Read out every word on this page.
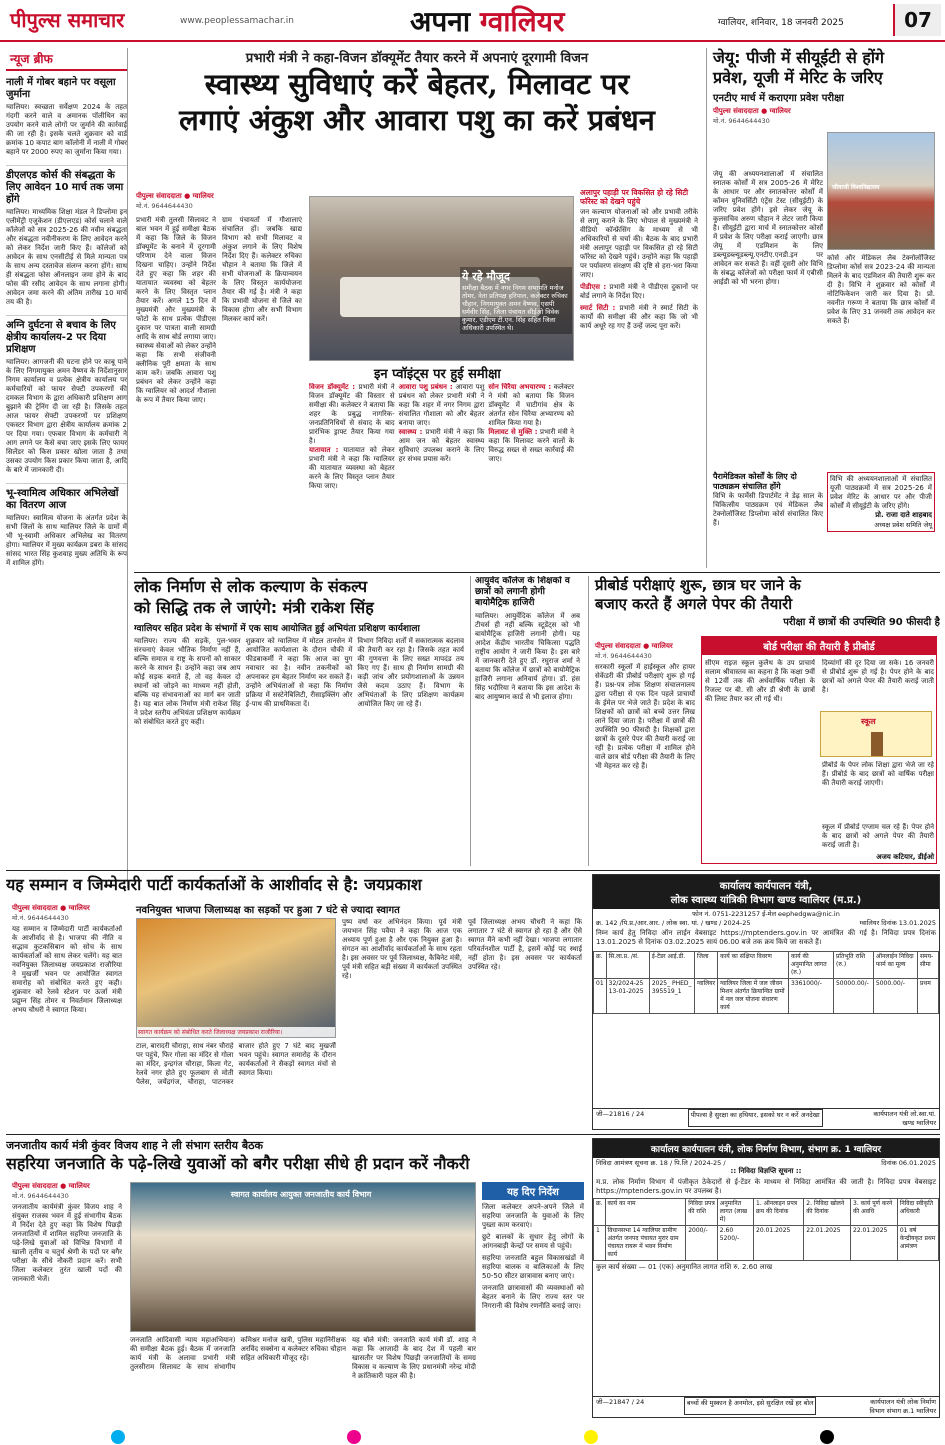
पीपुल्स समाचार	www.peoplessamachar.in	अपना ग्वालियर	ग्वालियर, शनिवार, 18 जनवरी 2025	07
न्यूज ब्रीफ
नाली में गोबर बहाने पर वसूला जुर्माना
ग्वालियर। स्वच्छता सर्वेक्षण 2024 के तहत गंदगी करने वाले व अमानक पॉलीथिन का उपयोग करने वाले लोगों पर जुर्माने की कार्रवाई की जा रही है। इसके चलते शुक्रवार को वार्ड क्रमांक 10 कपाट बाग कॉलोनी में नाली में गोबर बहाने पर 2000 रुपए का जुर्माना किया गया।
डीएलएड कोर्स की संबद्धता के लिए आवेदन 10 मार्च तक जमा होंगे
ग्वालियर। माध्यमिक शिक्षा मंडल ने डिप्लोमा इन एलीमेंट्री एजुकेशन (डीएलएड) कोर्स चलाने वाले कॉलेजों को सत्र 2025-26 की नवीन संबद्धता और संबद्धता नवीनीकरण के लिए आवेदन करने को लेकर निर्देश जारी किए हैं। कॉलेजों को आवेदन के साथ एनसीटीई से मिले मान्यता पत्र के साथ अन्य दस्तावेज संलग्न करना होंगे। साथ ही संबद्धता फोस ऑनलाइन जमा होने के बाद फोस की रसीद आवेदन के साथ लगाना होगी। आवेदन जमा करने की अंतिम तारीख 10 मार्च तय की है।
अग्नि दुर्घटना से बचाव के लिए क्षेत्रीय कार्यालय-2 पर दिया प्रशिक्षण
ग्वालियर। आगजनी की घटना होने पर काबू पाने के लिए निगमायुक्त अमन वैष्णव के निर्देशानुसार निगम कार्यालय व प्रत्येक क्षेत्रीय कार्यालय पर कर्मचारियों को फायर सेफ्टी उपकरणों की दमकल विभाग के द्वारा अधिकारी प्रशिक्षण आग बुझाने की ट्रेनिंग दी जा रही है। जिसके तहत आज फायर सेफ्टी उपकरणों पर प्रशिक्षण एकस्टर विभाग द्वारा क्षेत्रीय कार्यालय क्रमांक 2 पर दिया गया। एफबार विभाग के कर्मचारी ने आग लगने पर कैसे बचा जाए इसके लिए फायर सिलेंडर को किस प्रकार खोला जाता है तथा उसका उपयोग किस प्रकार किया जाता है, आदि के बारे में जानकारी दी।
भू-स्वामित्व अधिकार अभिलेखों का वितरण आज
ग्वालियर। स्वामित्व योजना के अंतर्गत प्रदेश के सभी जिलों के साथ ग्वालियर जिले के ग्रामों में भी भू-स्वामी अधिकार अभिलेख का वितरण होगा। ग्वालियर में मुख्य कार्यक्रम डबरा के सांसद सांसद भारत सिंह कुशवाह मुख्य अतिथि के रूप में शामिल होंगे।
प्रभारी मंत्री ने कहा-विजन डॉक्यूमेंट तैयार करने में अपनाएं दूरगामी विजन
स्वास्थ्य सुविधाएं करें बेहतर, मिलावट पर
लगाएं अंकुश और आवारा पशु का करें प्रबंधन
पीपुल्स संवाददाता ● ग्वालियर
मो.नं. 9644644430
प्रभारी मंत्री तुलसी सिलावट ने बाल भवन में हुई समीक्षा बैठक में कहा कि जिले के विजन डॉक्यूमेंट के बनाने में दूरगामी परिणाम देने वाला विजन दिखना चाहिए। उन्होंने निर्देश देते हुए कहा कि शहर की यातायात व्यवस्था को बेहतर करने के लिए विस्तृत प्लान तैयार करें। अगले 15 दिन में मुख्यमंत्री और मुख्यमंत्री के फोटो के साथ प्रत्येक पीडीएस दुकान पर पात्रता वाली सामग्री आदि के साथ बोर्ड लगाया जाए। स्वास्थ्य सेवाओं को लेकर उन्होंने कहा कि सभी संजीवनी क्लीनिक पूरी क्षमता के साथ काम करें। जबकि आवारा पशु प्रबंधन को लेकर उन्होंने कहा कि ग्वालियर को आदर्श गौशाला के रूप में तैयार किया जाए।
ग्राम पंचायतों में गौशालाएं संचालित हों। जबकि खाद्य विभाग को सभी मिलावट व अंकुश लगाने के लिए विशेष निर्देश दिए हैं। कलेक्टर रुचिका चौहान ने बताया कि जिले में सभी योजनाओं के क्रियान्वयन के लिए विस्तृत कार्ययोजना तैयार की गई है। मंत्री ने कहा कि प्रभावी योजना से जिले का विकास होगा और सभी विभाग मिलकर कार्य करें।
ये रहे मौजूद
समीक्षा बैठक में नगर निगम सभापति मनोज तोमर, नेता प्रतिपक्ष हरिपाल, कलेक्टर रुचिका चौहान, निगमायुक्त अमन वैष्णव, एसपी धर्मवीर सिंह, जिला पंचायत सीईओ विवेक कुमार, एडीएम टी.एन. सिंह सहित जिला अधिकारी उपस्थित थे।
इन प्वॉइंट्स पर हुई समीक्षा
विजन डॉक्यूमेंट : प्रभारी मंत्री ने विजन डॉक्यूमेंट की विस्तार से समीक्षा की। कलेक्टर ने बताया कि शहर के प्रबुद्ध नागरिक-जनप्रतिनिधियों से संवाद के बाद प्रारंभिक ड्राफ्ट तैयार किया गया है।
यातायात : यातायात को लेकर प्रभारी मंत्री ने कहा कि ग्वालियर की यातायात व्यवस्था को बेहतर करने के लिए विस्तृत प्लान तैयार किया जाए।
आवारा पशु प्रबंधन : आवारा पशु प्रबंधन को लेकर प्रभारी मंत्री ने कहा कि शहर में नगर निगम द्वारा संचालित गौशाला को और बेहतर बनाया जाए।
स्वास्थ्य : प्रभारी मंत्री ने कहा कि आम जन को बेहतर स्वास्थ्य सुविधाएं उपलब्ध कराने के लिए हर संभव प्रयास करें।
सोन चिरैया अभयारण्य : कलेक्टर ने मंत्री को बताया कि विजन डॉक्यूमेंट में घाटीगांव क्षेत्र के अंतर्गत सोन चिरैया अभ्यारण्य को शामिल किया गया है।
मिलावट से मुक्ति : प्रभारी मंत्री ने कहा कि मिलावट करने वालों के विरुद्ध सख्त से सख्त कार्रवाई की जाए।
अलापुर पहाड़ी पर विकसित हो रहे सिटी फॉरेस्ट को देखने पहुंचे
जन कल्याण योजनाओं को और प्रभावी तरीके से लागू कराने के लिए भोपाल से मुख्यमंत्री ने वीडियो कॉन्फ्रेंसिंग के माध्यम से भी अधिकारियों से चर्चा की। बैठक के बाद प्रभारी मंत्री अलापुर पहाड़ी पर विकसित हो रहे सिटी फॉरेस्ट को देखने पहुंचे। उन्होंने कहा कि पहाड़ी पर पर्यावरण संरक्षण की दृष्टि से हरा-भरा किया जाए।
पीडीएस : प्रभारी मंत्री ने पीडीएस दुकानों पर बोर्ड लगाने के निर्देश दिए।
स्मार्ट सिटी : प्रभारी मंत्री ने स्मार्ट सिटी के कार्यों की समीक्षा की और कहा कि जो भी कार्य अधूरे रह गए हैं उन्हें जल्द पूरा करें।
जेयू: पीजी में सीयूईटी से होंगे
प्रवेश, यूजी में मेरिट के जरिए
एनटीए मार्च में कराएगा प्रवेश परीक्षा
पीपुल्स संवाददाता ● ग्वालियर
मो.नं. 9644644430
जेयू की अध्ययनशालाओं में संचालित स्नातक कोर्सों में सत्र 2005-26 में मेरिट के आधार पर और स्नातकोत्तर कोर्सों में कॉमन यूनिवर्सिटी एंट्रेंस टेस्ट (सीयूईटी) के जरिए प्रवेश होंगे। इसे लेकर जेयू के कुलसचिव अरुण चौहान ने लेटर जारी किया है। सीयूईटी द्वारा मार्च में स्नातकोत्तर कोर्सों में प्रवेश के लिए परीक्षा कराई जाएगी। छात्र जेयू में एडमिशन के लिए डब्ल्यूडब्ल्यूडब्ल्यू.एनटीए.एनडी.इन पर आवेदन कर सकते हैं। वहीं दूसरी ओर विभि के संबद्ध कॉलेजों को परीक्षा फार्म में एबीसी आईडी को भी भरना होगा।
जीवाजी विश्वविद्यालय
कोर्स और मेडिकल लैब टेक्नोलॉजिस्ट डिप्लोमा कोर्स सत्र 2023-24 की मान्यता मिलने के बाद एडमिशन की तैयारी शुरू कर दी है। विभि ने शुक्रवार को कोर्सों में नोटिफिकेशन जारी कर दिया है। प्रो. नवनीत गरूण ने बताया कि छात्र कोर्सों में प्रवेश के लिए 31 जनवरी तक आवेदन कर सकते हैं।
पैरामेडिकल कोर्सों के लिए दो पाठ्यक्रम संचालित होंगे
विभि के फार्मेसी डिपार्टमेंट ने डेढ़ साल के चिकित्सीय पाठ्यक्रम एवं मेडिकल लैब टेक्नोलॉजिस्ट डिप्लोमा कोर्स संचालित किए हैं।
विभि की अध्ययनशालाओं में संचालित यूजी पाठ्यक्रमों में सत्र 2025-26 में प्रवेश मेरिट के आधार पर और पीजी कोर्सों में सीयूईटी के जरिए होंगे।
प्रो. राजा दाते शाहबाद
अध्यक्ष प्रवेश समिति जेयू
लोक निर्माण से लोक कल्याण के संकल्प
को सिद्धि तक ले जाएंगे: मंत्री राकेश सिंह
ग्वालियर सहित प्रदेश के संभागों में एक साथ आयोजित हुई अभियंता प्रशिक्षण कार्यशाला
ग्वालियर। राज्य की सड़कें, पुल-भवन संरचनाएं केवल भौतिक निर्माण नहीं हैं, बल्कि समाज व राष्ट्र के सपनों को साकार करने के साधन हैं। उन्होंने कहा जब आप कोई सड़क बनाते हैं, तो वह केवल दो स्थानों को जोड़ने का माध्यम नहीं होती, बल्कि यह संभावनाओं का मार्ग बन जाती है। यह बात लोक निर्माण मंत्री राकेश सिंह ने प्रदेश स्तरीय अभियंता प्रशिक्षण कार्यक्रम को संबोधित करते हुए कही।
शुक्रवार को ग्वालियर में मोटल तानसेन में आयोजित कार्यशाला के दौरान चौकी में फीडबाकर्मी ने कहा कि आज का युग नवाचार का है। नवीन तकनीकों को अपनाकर हम बेहतर निर्माण कर सकते हैं। उन्होंने अभियंताओं से कहा कि निर्माण प्रक्रिया में सस्टेनेबिलिटी, रीसाइक्लिंग और ई-पाथ की प्राथमिकता दें।
विभाग निविदा शर्तों में सकारात्मक बदलाव की तैयारी कर रहा है। जिसके तहत कार्य की गुणवत्ता के लिए सख्त मापदंड तय किए गए हैं। साथ ही निर्माण सामग्री की कड़ी जांच और प्रयोगशालाओं के उन्नयन जैसे कदम उठाए हैं। विभाग के अभियंताओं के लिए प्रशिक्षण कार्यक्रम आयोजित किए जा रहे हैं।
आयुर्वेद कॉलेज के शिक्षकों व छात्रों को लगानी होगी बायोमैट्रिक हाजिरी
ग्वालियर। आयुर्वेदिक कॉलेज में अब टीचर्स ही नहीं बल्कि स्टूडेंट्स को भी बायोमैट्रिक हाजिरी लगानी होगी। यह आदेश केंद्रीय भारतीय चिकित्सा पद्धति राष्ट्रीय आयोग ने जारी किया है। इस बारे में जानकारी देते हुए डॉ. रघुराज शर्मा ने बताया कि कॉलेज में छात्रों को बायोमैट्रिक हाजिरी लगाना अनिवार्य होगा। डॉ. हंस सिंह भदौरिया ने बताया कि इस आदेश के बाद आयुष्मान कार्ड से भी इलाज होगा।
प्रीबोर्ड परीक्षाएं शुरू, छात्र घर जाने के
बजाए करते हैं अगले पेपर की तैयारी
परीक्षा में छात्रों की उपस्थिति 90 फीसदी है
पीपुल्स संवाददाता ● ग्वालियर
मो.नं. 9644644430
सरकारी स्कूलों में हाईस्कूल और हायर सेकेंडरी की प्रीबोर्ड परीक्षाएं शुरू हो गई हैं। प्रश्न-पत्र लोक शिक्षण संचालनालय द्वारा परीक्षा से एक दिन पहले प्राचार्यों के ईमेल पर भेजे जाते हैं। प्रदेश के बाद शिक्षकों को छात्रों को बच्चे उत्तर लिख लाने दिया जाता है। परीक्षा में छात्रों की उपस्थिति 90 फीसदी है। शिक्षकों द्वारा छात्रों के दूसरे पेपर की तैयारी कराई जा रही है। प्रत्येक परीक्षा में शामिल होने वाले छात्र बोर्ड परीक्षा की तैयारी के लिए भी मेहनत कर रहे हैं।
बोर्ड परीक्षा की तैयारी है प्रीबोर्ड
सीएम राइज स्कूल कुलैथ के उप प्राचार्य सलाम श्रीवास्तव का कहना है कि कक्षा 9वीं से 12वीं तक की अर्धवार्षिक परीक्षा के रिजल्ट पर बी. सी और डी श्रेणी के छात्रों की लिस्ट तैयार कर ली गई थी।
दिव्यांगों की दूर दिया जा सके। 16 जनवरी से प्रीबोर्ड शुरू हो गई है। पेपर होने के बाद छात्रों को अगले पेपर की तैयारी कराई जाती है।
स्कूल
प्रीबोर्ड के पेपर लोक शिक्षा द्वारा भेजे जा रहे हैं। प्रीबोर्ड के बाद छात्रों को वार्षिक परीक्षा की तैयारी कराई जाएगी।
स्कूल में प्रीबोर्ड एग्जाम चल रहे हैं। पेपर होने के बाद छात्रों को अगले पेपर की तैयारी कराई जाती है।
अजय कटियार, डीईओ
यह सम्मान व जिम्मेदारी पार्टी कार्यकर्ताओं के आशीर्वाद से है: जयप्रकाश
पीपुल्स संवाददाता ● ग्वालियर
मो.नं. 9644644430
यह सम्मान व जिम्मेदारी पार्टी कार्यकर्ताओं के आशीर्वाद से है। भाजपा की नीति व सद्भाव कुटकसिबान को सोच के साथ कार्यकर्ताओं को साथ लेकर चलेंगे। यह बात नवनियुक्त जिलाध्यक्ष जयप्रकाश राजौरिया ने मुखर्जी भवन पर आयोजित स्वागत समारोह को संबोधित करते हुए कही। शुक्रवार को रेलवे स्टेशन पर ऊर्जा मंत्री प्रद्युम्न सिंह तोमर व निवर्तमान जिलाध्यक्ष अभय चौधरी ने स्वागत किया।
नवनियुक्त भाजपा जिलाध्यक्ष का सड़कों पर हुआ 7 घंटे से ज्यादा स्वागत
स्वागत कार्यक्रम को संबोधित करते जिलाध्यक्ष जयप्रकाश राजौरिया।
टाल, बारादरी चौराहा, साथ नंबर चौराहे पर पहुंचे, फिर गोला का मंदिर से गोला का मंदिर, इन्द्रगंज चौराहा, किला गेट, रेलवे नगर होते हुए फूलबाग से मोती पैलेस, जयेंद्रगंज, चौराहा, पाटनकर बाजार होते हुए 7 घंटे बाद मुखर्जी भवन पहुंचे। स्वागत समारोह के दौरान कार्यकर्ताओं ने सैकड़ों स्वागत मंचों से स्वागत किया।
पुष्प वर्षा कर अभिनंदन किया। पूर्व मंत्री जयभान सिंह पवैया ने कहा कि आज एक अध्याय पूर्ण हुआ है और एक नियुक्त हुआ है। संगठन का आशीर्वाद कार्यकर्ताओं के साथ रहता है। इस अवसर पर पूर्व जिलाध्यक्ष, कैबिनेट मंत्री, पूर्व मंत्री सहित बड़ी संख्या में कार्यकर्ता उपस्थित रहे।
पूर्व जिलाध्यक्ष अभय चौधरी ने कहा कि लगातार 7 घंटे से स्वागत हो रहा है और ऐसे स्वागत मैंने कभी नहीं देखा। भाजपा लगातार परिवर्तनशील पार्टी है, इसमें कोई पद स्थाई नहीं होता है। इस अवसर पर कार्यकर्ता उपस्थित रहे।
कार्यालय कार्यपालन यंत्री,
लोक स्वास्थ्य यांत्रिकी विभाग खण्ड ग्वालियर (म.प्र.)
फोन नं. 0751-2231257 ई-मेल eephedgwa@nic.in
क्र. 142 /पि.प्र./आर.आर. / लोक स्वा. यां. / खण्ड / 2024-25	ग्वालियर दिनांक 13.01.2025
निम्न कार्य हेतु निविदा ऑन लाईन वेबसाइट https://mptenders.gov.in पर आमंत्रित की गई है। निविदा प्रपत्र दिनांक 13.01.2025 से दिनांक 03.02.2025 सायं 06.00 बजे तक क्रय किये जा सकते हैं।
क्र.	सि.ला.प्र. /सं.	ई-टेंडर आई.डी.	जिला	कार्य का संक्षिप्त विवरण	कार्य की अनुमानित लागत (रु.)	प्रतिभूति राशि (रु.)	ऑनलाईन निविदा फार्म का मूल्य	समय-सीमा
01	32/2024-25 13-01-2025	2025_ PHED_ 395519_1	ग्वालियर	ग्वालियर जिला में जल जीवन मिशन अंतर्गत क्रियान्वित ग्रामों में नल जल योजना संधारण कार्य	3361000/-	50000.00/-	5000.00/-	प्रथम
जी—21816 / 24	पीपल्स है सुरक्षा का हथियार, इसको घर न करें अनदेखा	कार्यपालन यंत्री लो.स्वा.यां. खण्ड ग्वालियर
जनजातीय कार्य मंत्री कुंवर विजय शाह ने ली संभाग स्तरीय बैठक
सहरिया जनजाति के पढ़े-लिखे युवाओं को बगैर परीक्षा सीधे ही प्रदान करें नौकरी
पीपुल्स संवाददाता ● ग्वालियर
मो.नं. 9644644430
जनजातीय कार्यमंत्री कुंवर विजय शाह ने संयुक्त राजस्व भवन में हुई संभागीय बैठक में निर्देश देते हुए कहा कि विशेष पिछड़ी जनजातियों में शामिल सहरिया जनजाति के पढ़े-लिखे युवाओं को विभिन्न विभागों में खाली तृतीय व चतुर्थ श्रेणी के पदों पर बगैर परीक्षा के सीधे नौकरी प्रदान करें। सभी जिला कलेक्टर तुरंत खाली पदों की जानकारी भेजें।
स्वागत कार्यालय आयुक्त जनजातीय कार्य विभाग
जनजाति आदिवासी न्याय महाअभियान) की समीक्षा बैठक हुई। बैठक में जनजाति कार्य मंत्री के अलावा प्रभारी मंत्री तुलसीराम सिलावट के साथ संभागीय कमिश्नर मनोज खत्री, पुलिस महानिरीक्षक अरविंद सक्सेना व कलेक्टर रुचिका चौहान सहित अधिकारी मौजूद रहे।
यह बोले मंत्री: जनजाति कार्य मंत्री डॉ. शाह ने कहा कि आजादी के बाद देश में पहली बार खासतौर पर विशेष पिछड़ी जनजातियों के समग्र विकास व कल्याण के लिए प्रधानमंत्री नरेन्द्र मोदी ने क्रांतिकारी पहल की है।
यह दिए निर्देश
जिला कलेक्टर अपने-अपने जिले में सहरिया जनजाति के युवाओं के लिए पुख्ता काम करवाएं।
छुटे बालकों के सुधार हेतु लोगों के आंगनबाड़ी केन्द्रों पर समय से पहुंचें।
सहरिया जनजाति बहुल विकासखंडों में सहरिया बालक व बालिकाओं के लिए 50-50 सीटर छात्रावास बनाए जाएं।
जनजाति छात्रावासों की व्यवस्थाओं को बेहतर बनाने के लिए राज्य स्तर पर निगरानी की विशेष रणनीति बनाई जाए।
कार्यालय कार्यपालन यंत्री, लोक निर्माण विभाग, संभाग क्र. 1 ग्वालियर
निविदा आमंत्रण सूचना क्र. 18 / पि.लि / 2024-25 /	दिनांक 06.01.2025
:: निविदा विज्ञप्ति सूचना ::
म.प्र. लोक निर्माण विभाग में पंजीकृत ठेकेदारों से ई-टेंडर के माध्यम से निविदा आमंत्रित की जाती है। निविदा प्रपत्र वेबसाइट https://mptenders.gov.in पर उपलब्ध है।
क्र.	कार्य का नाम	निविदा प्रपत्र की राशि	अनुमानित लागत (लाख में)	1. ऑनलाइन प्रपत्र क्रय की दिनांक	2. निविदा खोलने की दिनांक	3. कार्य पूर्ण करने की अवधि	निविदा स्वीकृति अधिकारी
1	विधानसभा 14 ग्वालियर ग्रामीण अंतर्गत जनपद पंचायत मुरार ग्राम पंचायत रायरू में भवन निर्माण कार्य	2000/-	2.60 5200/-	20.01.2025	22.01.2025	22.01.2025	01 वर्ष केन्द्रीयकृत प्रथम आमंत्रण
कुल कार्य संख्या — 01 (एक) अनुमानित लागत राशि रु. 2.60 लाख
जी—21847 / 24	बच्चों की मुस्कान है अनमोल, इसे सुरक्षित रखें हर बोल	कार्यपालन यंत्री लोक निर्माण विभाग संभाग क्र.1 ग्वालियर
